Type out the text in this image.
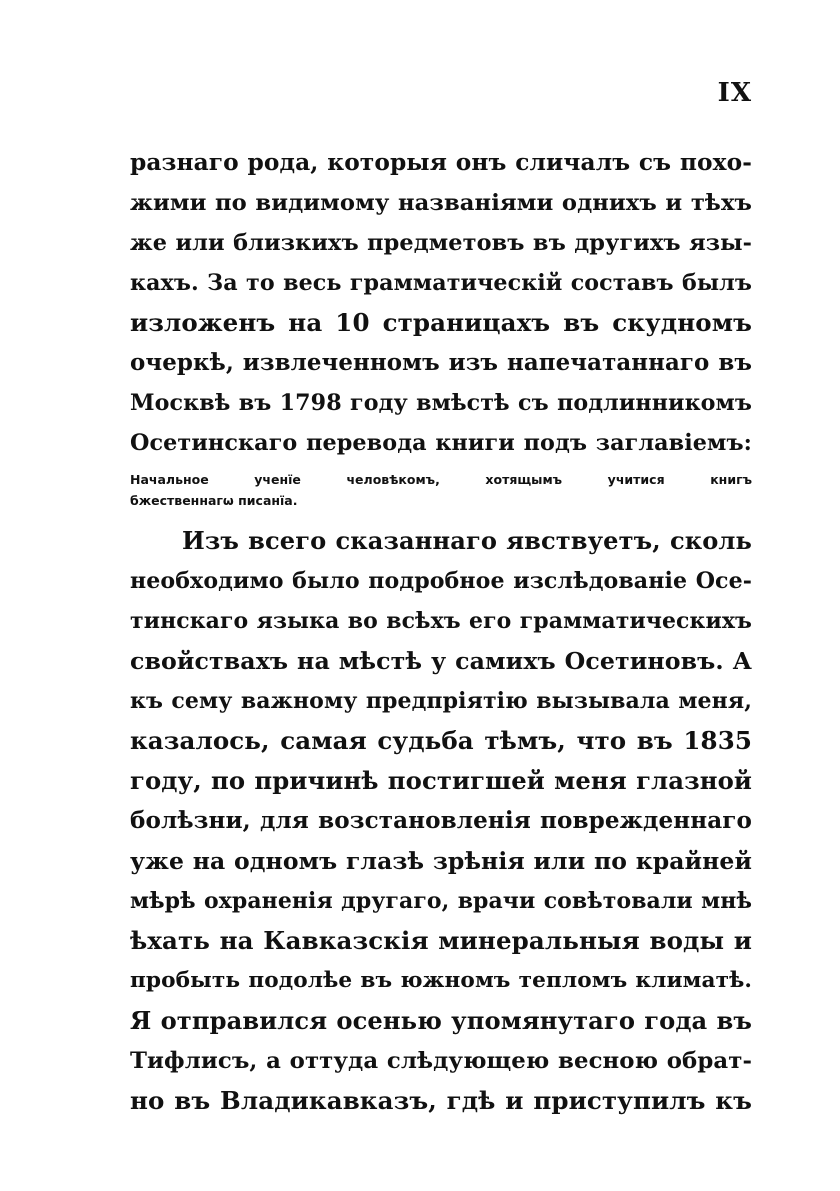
IX
разнаго рода, которыя онъ сличалъ съ похо-
жими по видимому названіями однихъ и тѣхъ
же или близкихъ предметовъ въ другихъ язы-
кахъ. За то весь грамматическій составъ былъ
изложенъ на 10 страницахъ въ скудномъ
очеркѣ, извлеченномъ изъ напечатаннаго въ
Москвѣ въ 1798 году вмѣстѣ съ подлинникомъ
Осетинскаго перевода книги подъ заглавіемъ:
Начальное ученїе человѣкомъ, хотящымъ учитися книгъ
бжественнагѡ писанїа.
Изъ всего сказаннаго явствуетъ, сколь
необходимо было подробное изслѣдованіе Осе-
тинскаго языка во всѣхъ его грамматическихъ
свойствахъ на мѣстѣ у самихъ Осетиновъ. А
къ сему важному предпріятію вызывала меня,
казалось, самая судьба тѣмъ, что въ 1835
году, по причинѣ постигшей меня глазной
болѣзни, для возстановленія поврежденнаго
уже на одномъ глазѣ зрѣнія или по крайней
мѣрѣ охраненія другаго, врачи совѣтовали мнѣ
ѣхать на Кавказскія минеральныя воды и
пробыть подолѣе въ южномъ тепломъ климатѣ.
Я отправился осенью упомянутаго года въ
Тифлисъ, а оттуда слѣдующею весною обрат-
но въ Владикавказъ, гдѣ и приступилъ къ
